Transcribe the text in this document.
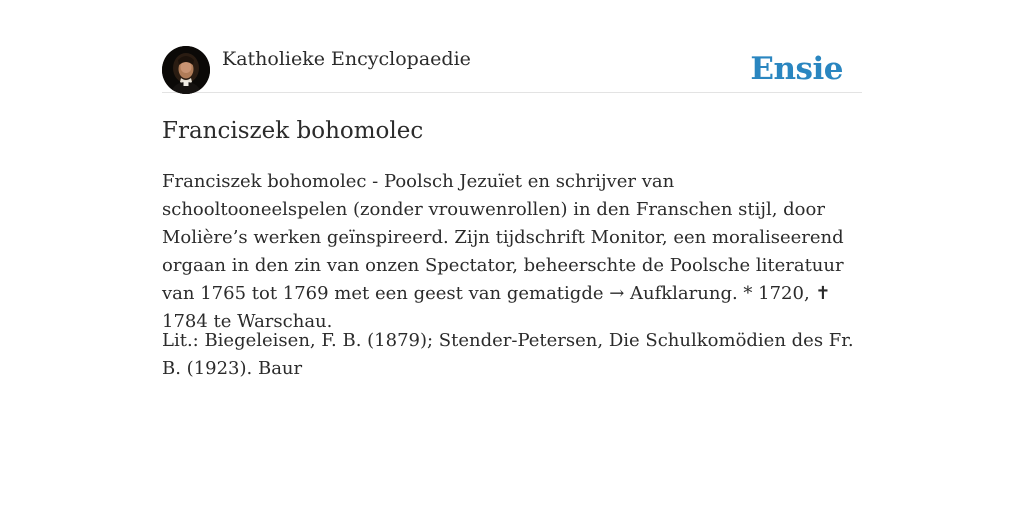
Katholieke Encyclopaedie	Ensie
Franciszek bohomolec

Franciszek bohomolec - Poolsch Jezuïet en schrijver van schooltooneelspelen (zonder vrouwenrollen) in den Franschen stijl, door Molière’s werken geïnspireerd. Zijn tijdschrift Monitor, een moraliseerend orgaan in den zin van onzen Spectator, beheerschte de Poolsche literatuur van 1765 tot 1769 met een geest van gematigde → Aufklarung. * 1720, ✝ 1784 te Warschau.

Lit.: Biegeleisen, F. B. (1879); Stender-Petersen, Die Schulkomödien des Fr. B. (1923). Baur
